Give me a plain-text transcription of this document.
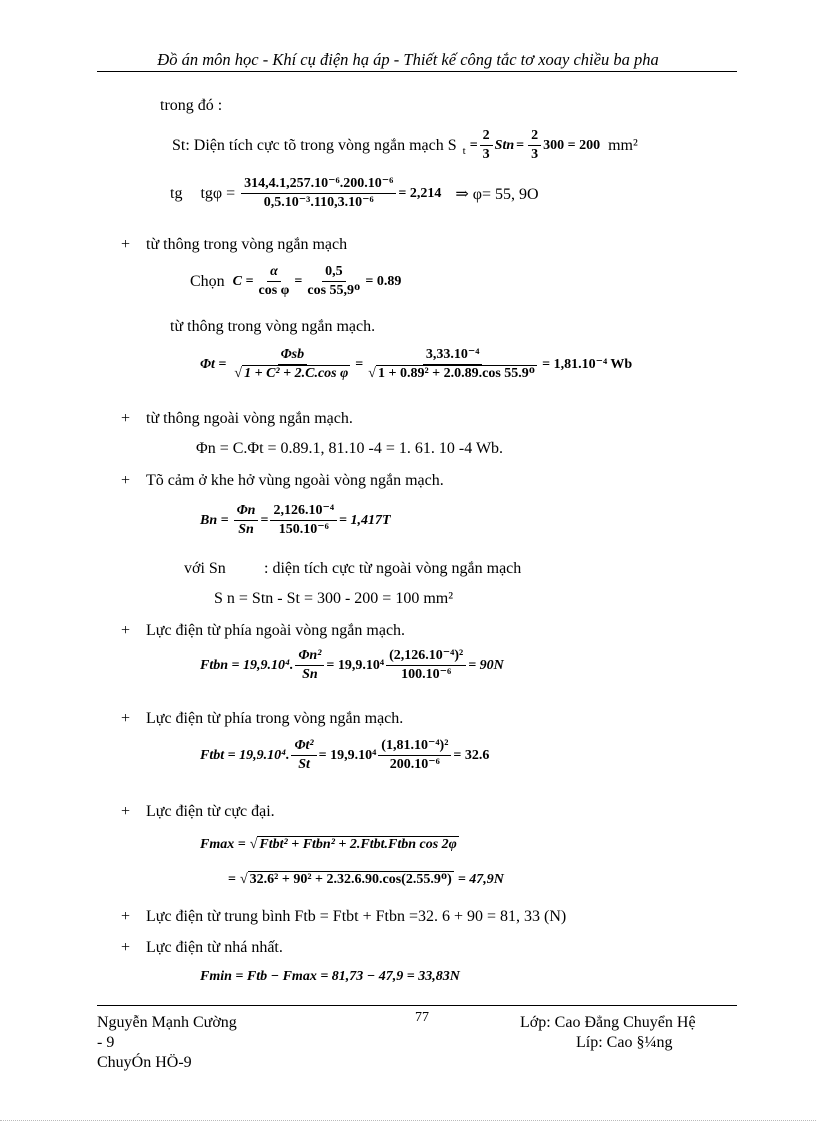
Đồ án môn học - Khí cụ điện hạ áp - Thiết kế công tắc tơ xoay chiều ba pha
trong đó :
St: Diện tích cực tõ trong vòng ngắn mạch S $t = \frac{2}{3}$ Stn = $\frac{2}{3} 300 = 200$ mm²
tg $tg\varphi = \frac{\text{314,4.1,257.10⁻⁶.200.10⁻⁶}}{\text{0,5.10⁻³.110,3.10⁻⁶}} = 2,214$ ⇒ φ= 55, 9O
+ từ thông trong vòng ngắn mạch
Chọn $C = \frac{\alpha}{\text{cos φ}} = \frac{0,5}{\text{cos 55,9ᴼ}} = 0.89$
từ thông trong vòng ngắn mạch.
$\Phi t = \frac{\text{Φsb}}{\text{√ 1 + C² + 2.C.cos φ}} = \frac{\text{3,33.10⁻⁴}}{\text{√ 1 + 0.89² + 2.0.89.cos 55.9ᴼ}} = 1,81.10^{-4}$ Wb
+ từ thông ngoài vòng ngắn mạch.
Φn = C.Φt = 0.89.1, 81.10 -4 = 1. 61. 10 -4 Wb.
+ Tõ cảm ở khe hở vùng ngoài vòng ngắn mạch.
$Bn = \frac{\Phi n}{Sn} = \frac{\text{2,126.10⁻⁴}}{\text{150.10⁻⁶}} = 1,417T$
với Sn : diện tích cực từ ngoài vòng ngắn mạch
S n = Stn - St = 300 - 200 = 100 mm²
+ Lực điện từ phía ngoài vòng ngắn mạch.
Ftbn = 19,9.10⁴. $\frac{\text{Φn²}}{Sn} = 19,9.10^4 \frac{\text{(2,126.10⁻⁴)²}}{\text{100.10⁻⁶}} = 90N$
+ Lực điện từ phía trong vòng ngắn mạch.
Ftbt = 19,9.10⁴. $\frac{\text{Φt²}}{St} = 19,9.10^4 \frac{\text{(1,81.10⁻⁴)²}}{\text{200.10⁻⁶}} = 32.6$
+ Lực điện từ cực đại.
Fmax = √ Ftbt² + Ftbn² + 2.Ftbt.Ftbn cos 2φ
= √ 32.6² + 90² + 2.32.6.90.cos(2.55.9ᴼ) = 47,9N
+ Lực điện từ trung bình Ftb = Ftbt + Ftbn =32. 6 + 90 = 81, 33 (N)
+ Lực điện từ nhá nhất.
Fmin = Ftb − Fmax = 81,73 − 47,9 = 33,83N
Nguyễn Mạnh Cường
- 9
ChuyÓn HÖ-9
77	Lớp: Cao Đẳng Chuyển Hệ
Líp: Cao §¼ng
